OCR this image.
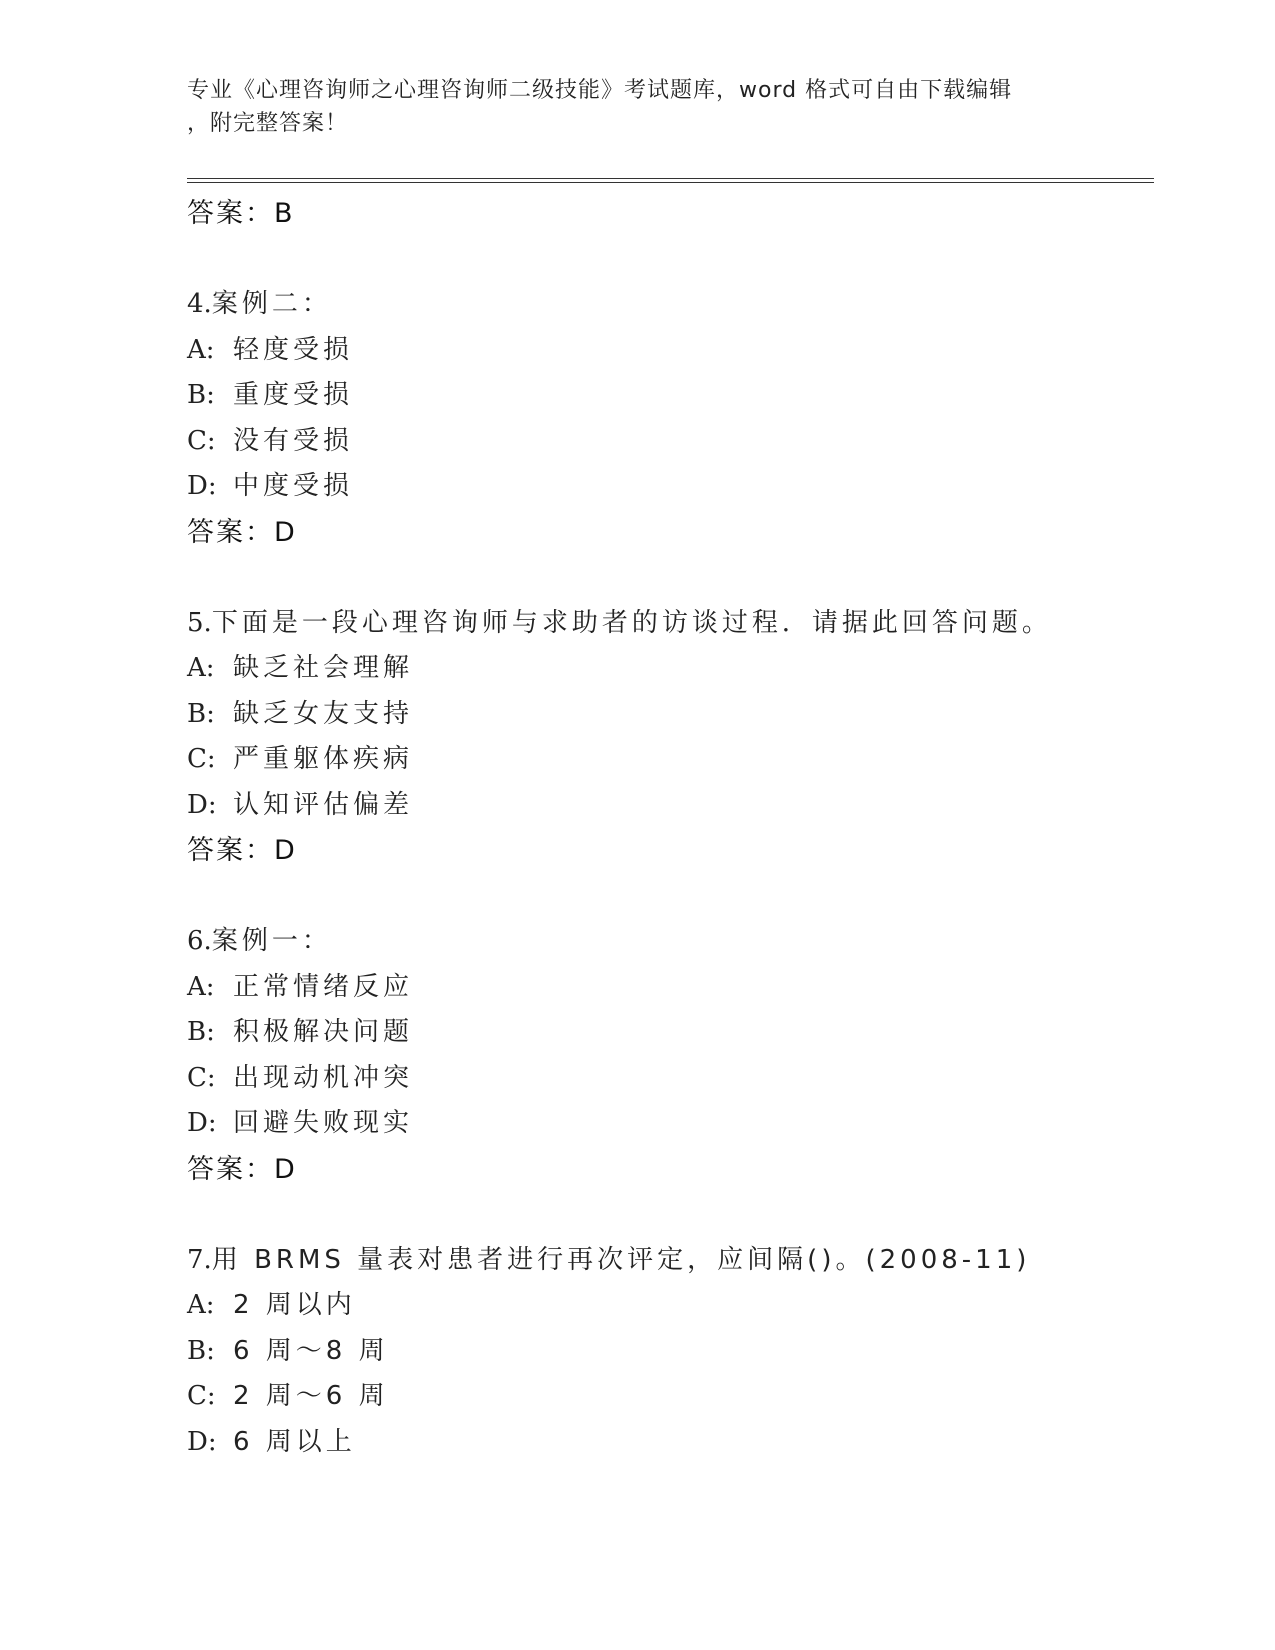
专业《心理咨询师之心理咨询师二级技能》考试题库，word 格式可自由下载编辑
，附完整答案！
答案：B
4.案例二：
A: 轻度受损
B: 重度受损
C: 没有受损
D: 中度受损
答案：D
5.下面是一段心理咨询师与求助者的访谈过程．请据此回答问题。
A: 缺乏社会理解
B: 缺乏女友支持
C: 严重躯体疾病
D: 认知评估偏差
答案：D
6.案例一：
A: 正常情绪反应
B: 积极解决问题
C: 出现动机冲突
D: 回避失败现实
答案：D
7.用 BRMS 量表对患者进行再次评定，应间隔()。(2008-11)
A: 2 周以内
B: 6 周～8 周
C: 2 周～6 周
D: 6 周以上
